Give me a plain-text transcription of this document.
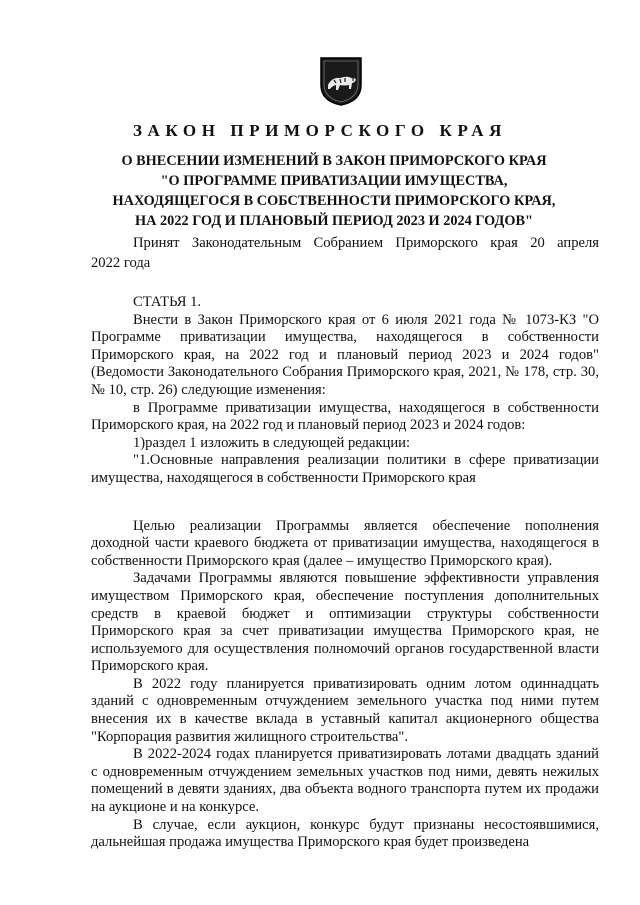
ЗАКОН ПРИМОРСКОГО КРАЯ
О ВНЕСЕНИИ ИЗМЕНЕНИЙ В ЗАКОН ПРИМОРСКОГО КРАЯ
"О ПРОГРАММЕ ПРИВАТИЗАЦИИ ИМУЩЕСТВА,
НАХОДЯЩЕГОСЯ В СОБСТВЕННОСТИ ПРИМОРСКОГО КРАЯ,
НА 2022 ГОД И ПЛАНОВЫЙ ПЕРИОД 2023 И 2024 ГОДОВ"
Принят Законодательным Собранием Приморского края 20 апреля
2022 года

СТАТЬЯ 1.

Внести в Закон Приморского края от 6 июля 2021 года № 1073-КЗ "О Программе приватизации имущества, находящегося в собственности Приморского края, на 2022 год и плановый период 2023 и 2024 годов" (Ведомости Законодательного Собрания Приморского края, 2021, № 178, стр. 30, № 10, стр. 26) следующие изменения:

в Программе приватизации имущества, находящегося в собственности Приморского края, на 2022 год и плановый период 2023 и 2024 годов:

1)раздел 1 изложить в следующей редакции:

"1.Основные направления реализации политики в сфере приватизации имущества, находящегося в собственности Приморского края

Целью реализации Программы является обеспечение пополнения доходной части краевого бюджета от приватизации имущества, находящегося в собственности Приморского края (далее – имущество Приморского края).

Задачами Программы являются повышение эффективности управления имуществом Приморского края, обеспечение поступления дополнительных средств в краевой бюджет и оптимизации структуры собственности Приморского края за счет приватизации имущества Приморского края, не используемого для осуществления полномочий органов государственной власти Приморского края.

В 2022 году планируется приватизировать одним лотом одиннадцать зданий с одновременным отчуждением земельного участка под ними путем внесения их в качестве вклада в уставный капитал акционерного общества "Корпорация развития жилищного строительства".

В 2022-2024 годах планируется приватизировать лотами двадцать зданий с одновременным отчуждением земельных участков под ними, девять нежилых помещений в девяти зданиях, два объекта водного транспорта путем их продажи на аукционе и на конкурсе.

В случае, если аукцион, конкурс будут признаны несостоявшимися, дальнейшая продажа имущества Приморского края будет произведена
